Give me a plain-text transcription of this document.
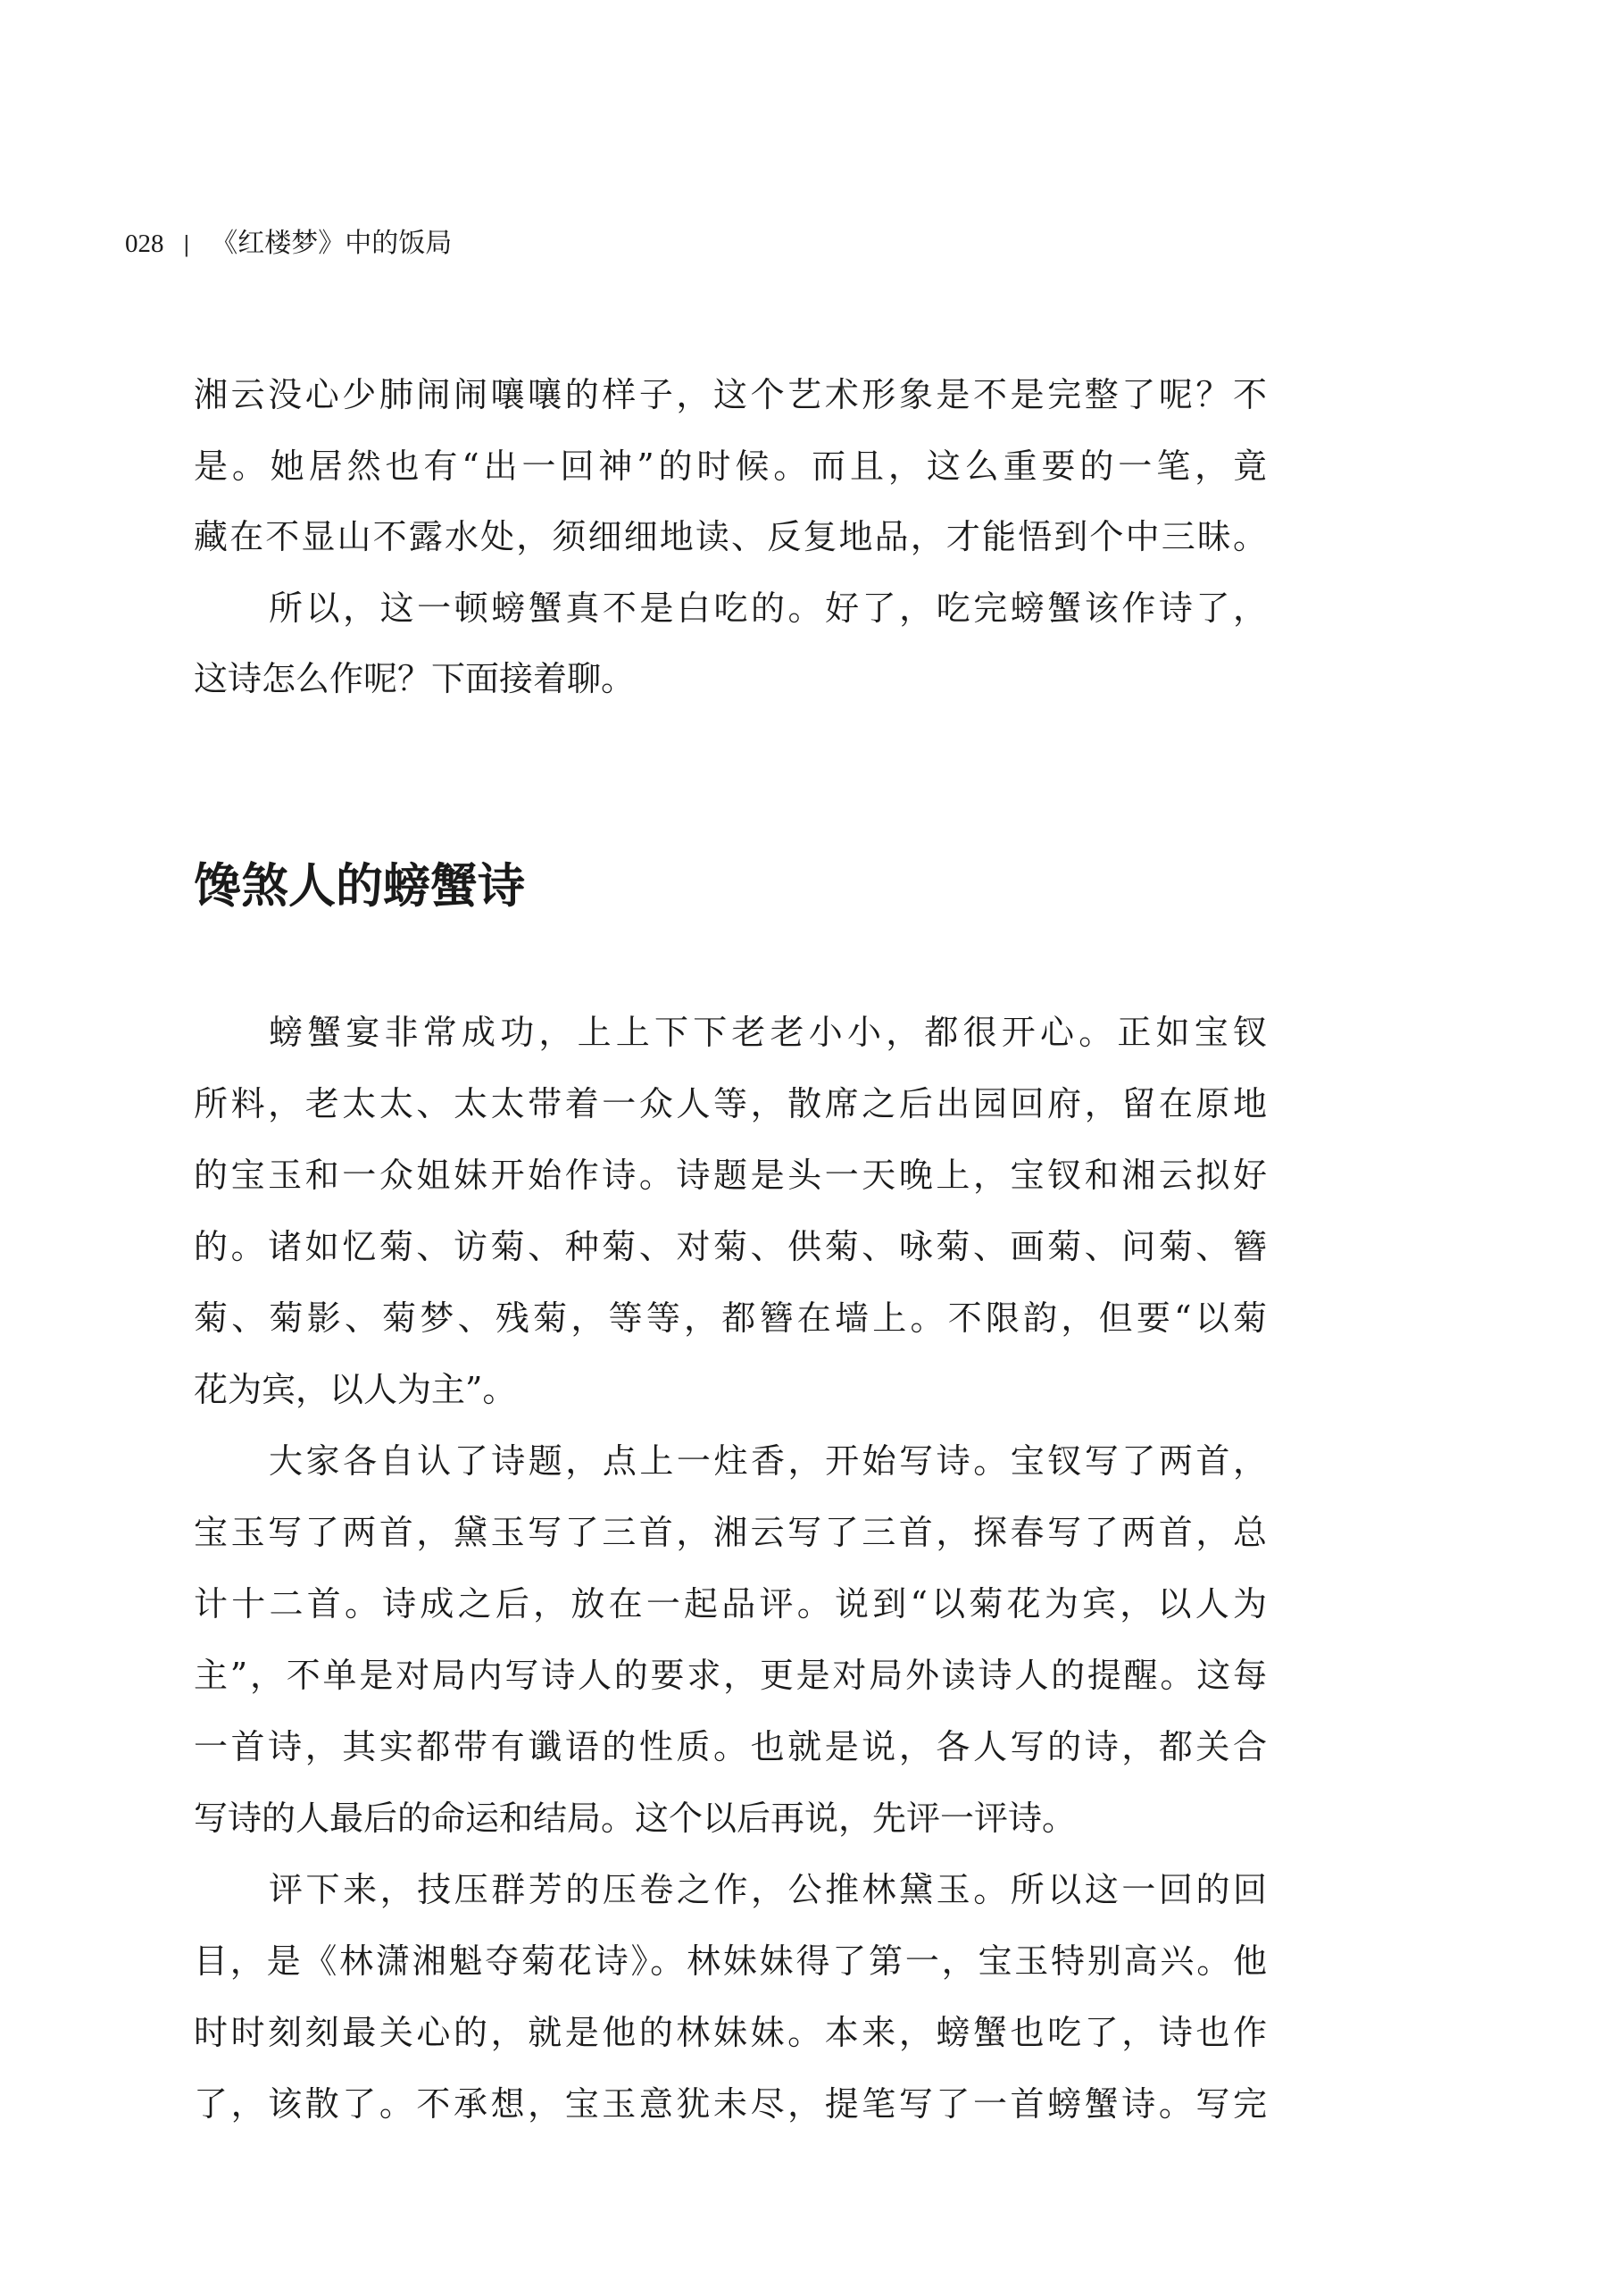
028 | 《红楼梦》中的饭局
湘云没心少肺闹闹嚷嚷的样子，这个艺术形象是不是完整了呢？不
是。她居然也有“出一回神”的时候。而且，这么重要的一笔，竟
藏在不显山不露水处，须细细地读、反复地品，才能悟到个中三昧。
所以，这一顿螃蟹真不是白吃的。好了，吃完螃蟹该作诗了，
这诗怎么作呢？下面接着聊。
馋煞人的螃蟹诗
螃蟹宴非常成功，上上下下老老小小，都很开心。正如宝钗
所料，老太太、太太带着一众人等，散席之后出园回府，留在原地
的宝玉和一众姐妹开始作诗。诗题是头一天晚上，宝钗和湘云拟好
的。诸如忆菊、访菊、种菊、对菊、供菊、咏菊、画菊、问菊、簪
菊、菊影、菊梦、残菊，等等，都簪在墙上。不限韵，但要“以菊
花为宾，以人为主”。
大家各自认了诗题，点上一炷香，开始写诗。宝钗写了两首，
宝玉写了两首，黛玉写了三首，湘云写了三首，探春写了两首，总
计十二首。诗成之后，放在一起品评。说到“以菊花为宾，以人为
主”，不单是对局内写诗人的要求，更是对局外读诗人的提醒。这每
一首诗，其实都带有谶语的性质。也就是说，各人写的诗，都关合
写诗的人最后的命运和结局。这个以后再说，先评一评诗。
评下来，技压群芳的压卷之作，公推林黛玉。所以这一回的回
目，是《林潇湘魁夺菊花诗》。林妹妹得了第一，宝玉特别高兴。他
时时刻刻最关心的，就是他的林妹妹。本来，螃蟹也吃了，诗也作
了，该散了。不承想，宝玉意犹未尽，提笔写了一首螃蟹诗。写完
